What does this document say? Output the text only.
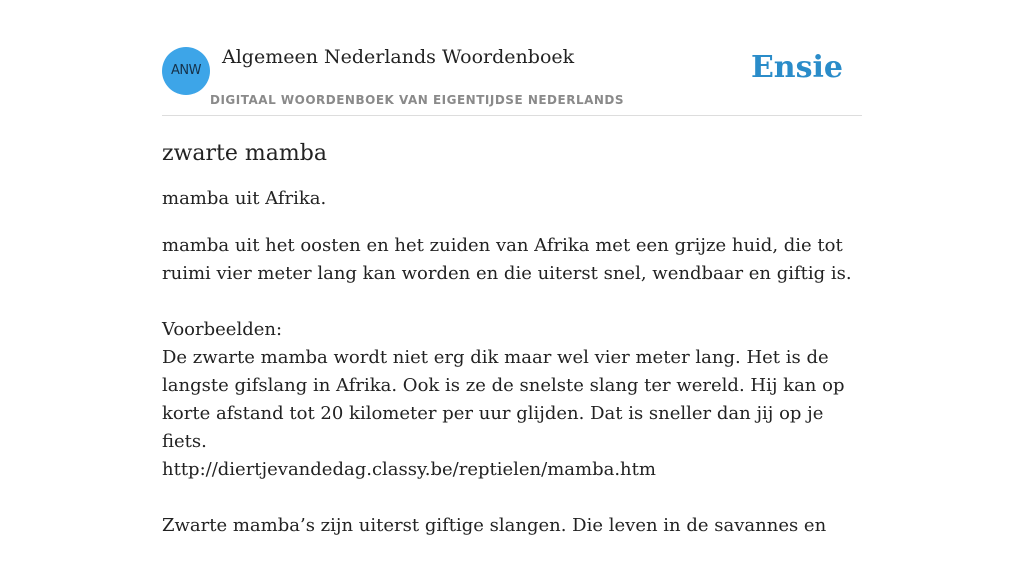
ANW
Algemeen Nederlands Woordenboek
DIGITAAL WOORDENBOEK VAN EIGENTIJDSE NEDERLANDS
Ensie
zwarte mamba

mamba uit Afrika.

mamba uit het oosten en het zuiden van Afrika met een grijze huid, die tot ruimi vier meter lang kan worden en die uiterst snel, wendbaar en giftig is.

Voorbeelden:
De zwarte mamba wordt niet erg dik maar wel vier meter lang. Het is de langste gifslang in Afrika. Ook is ze de snelste slang ter wereld. Hij kan op korte afstand tot 20 kilometer per uur glijden. Dat is sneller dan jij op je fiets.
http://diertjevandedag.classy.be/reptielen/mamba.htm
Zwarte mamba’s zijn uiterst giftige slangen. Die leven in de savannes en
